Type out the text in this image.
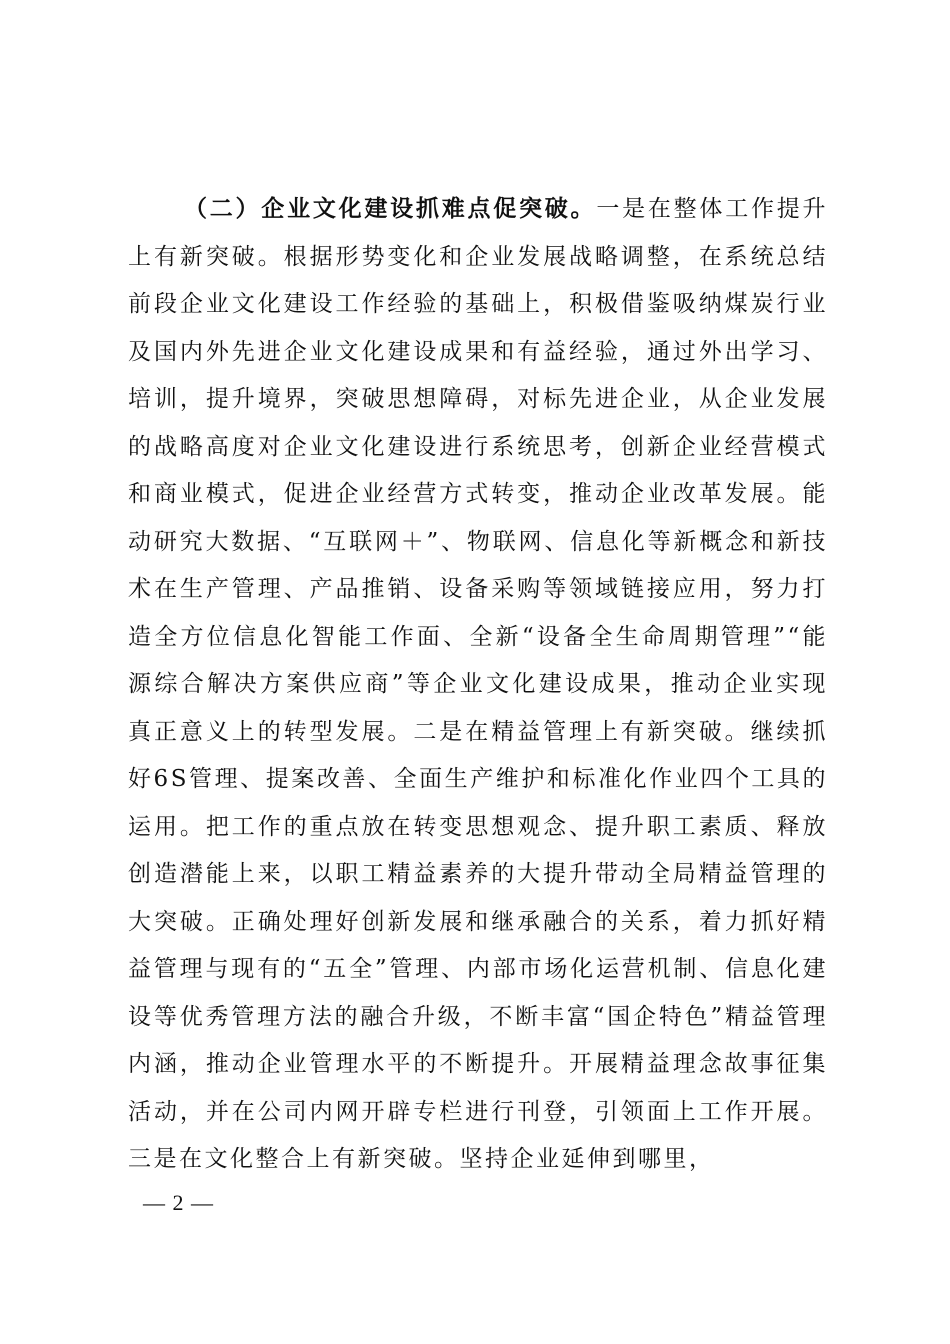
（二）企业文化建设抓难点促突破。一是在整体工作提升上有新突破。根据形势变化和企业发展战略调整，在系统总结前段企业文化建设工作经验的基础上，积极借鉴吸纳煤炭行业及国内外先进企业文化建设成果和有益经验，通过外出学习、培训，提升境界，突破思想障碍，对标先进企业，从企业发展的战略高度对企业文化建设进行系统思考，创新企业经营模式和商业模式，促进企业经营方式转变，推动企业改革发展。能动研究大数据、“互联网＋”、物联网、信息化等新概念和新技术在生产管理、产品推销、设备采购等领域链接应用，努力打造全方位信息化智能工作面、全新“设备全生命周期管理”“能源综合解决方案供应商”等企业文化建设成果，推动企业实现真正意义上的转型发展。二是在精益管理上有新突破。继续抓好6S管理、提案改善、全面生产维护和标准化作业四个工具的运用。把工作的重点放在转变思想观念、提升职工素质、释放创造潜能上来，以职工精益素养的大提升带动全局精益管理的大突破。正确处理好创新发展和继承融合的关系，着力抓好精益管理与现有的“五全”管理、内部市场化运营机制、信息化建设等优秀管理方法的融合升级，不断丰富“国企特色”精益管理内涵，推动企业管理水平的不断提升。开展精益理念故事征集活动，并在公司内网开辟专栏进行刊登，引领面上工作开展。三是在文化整合上有新突破。坚持企业延伸到哪里，

— 2 —
